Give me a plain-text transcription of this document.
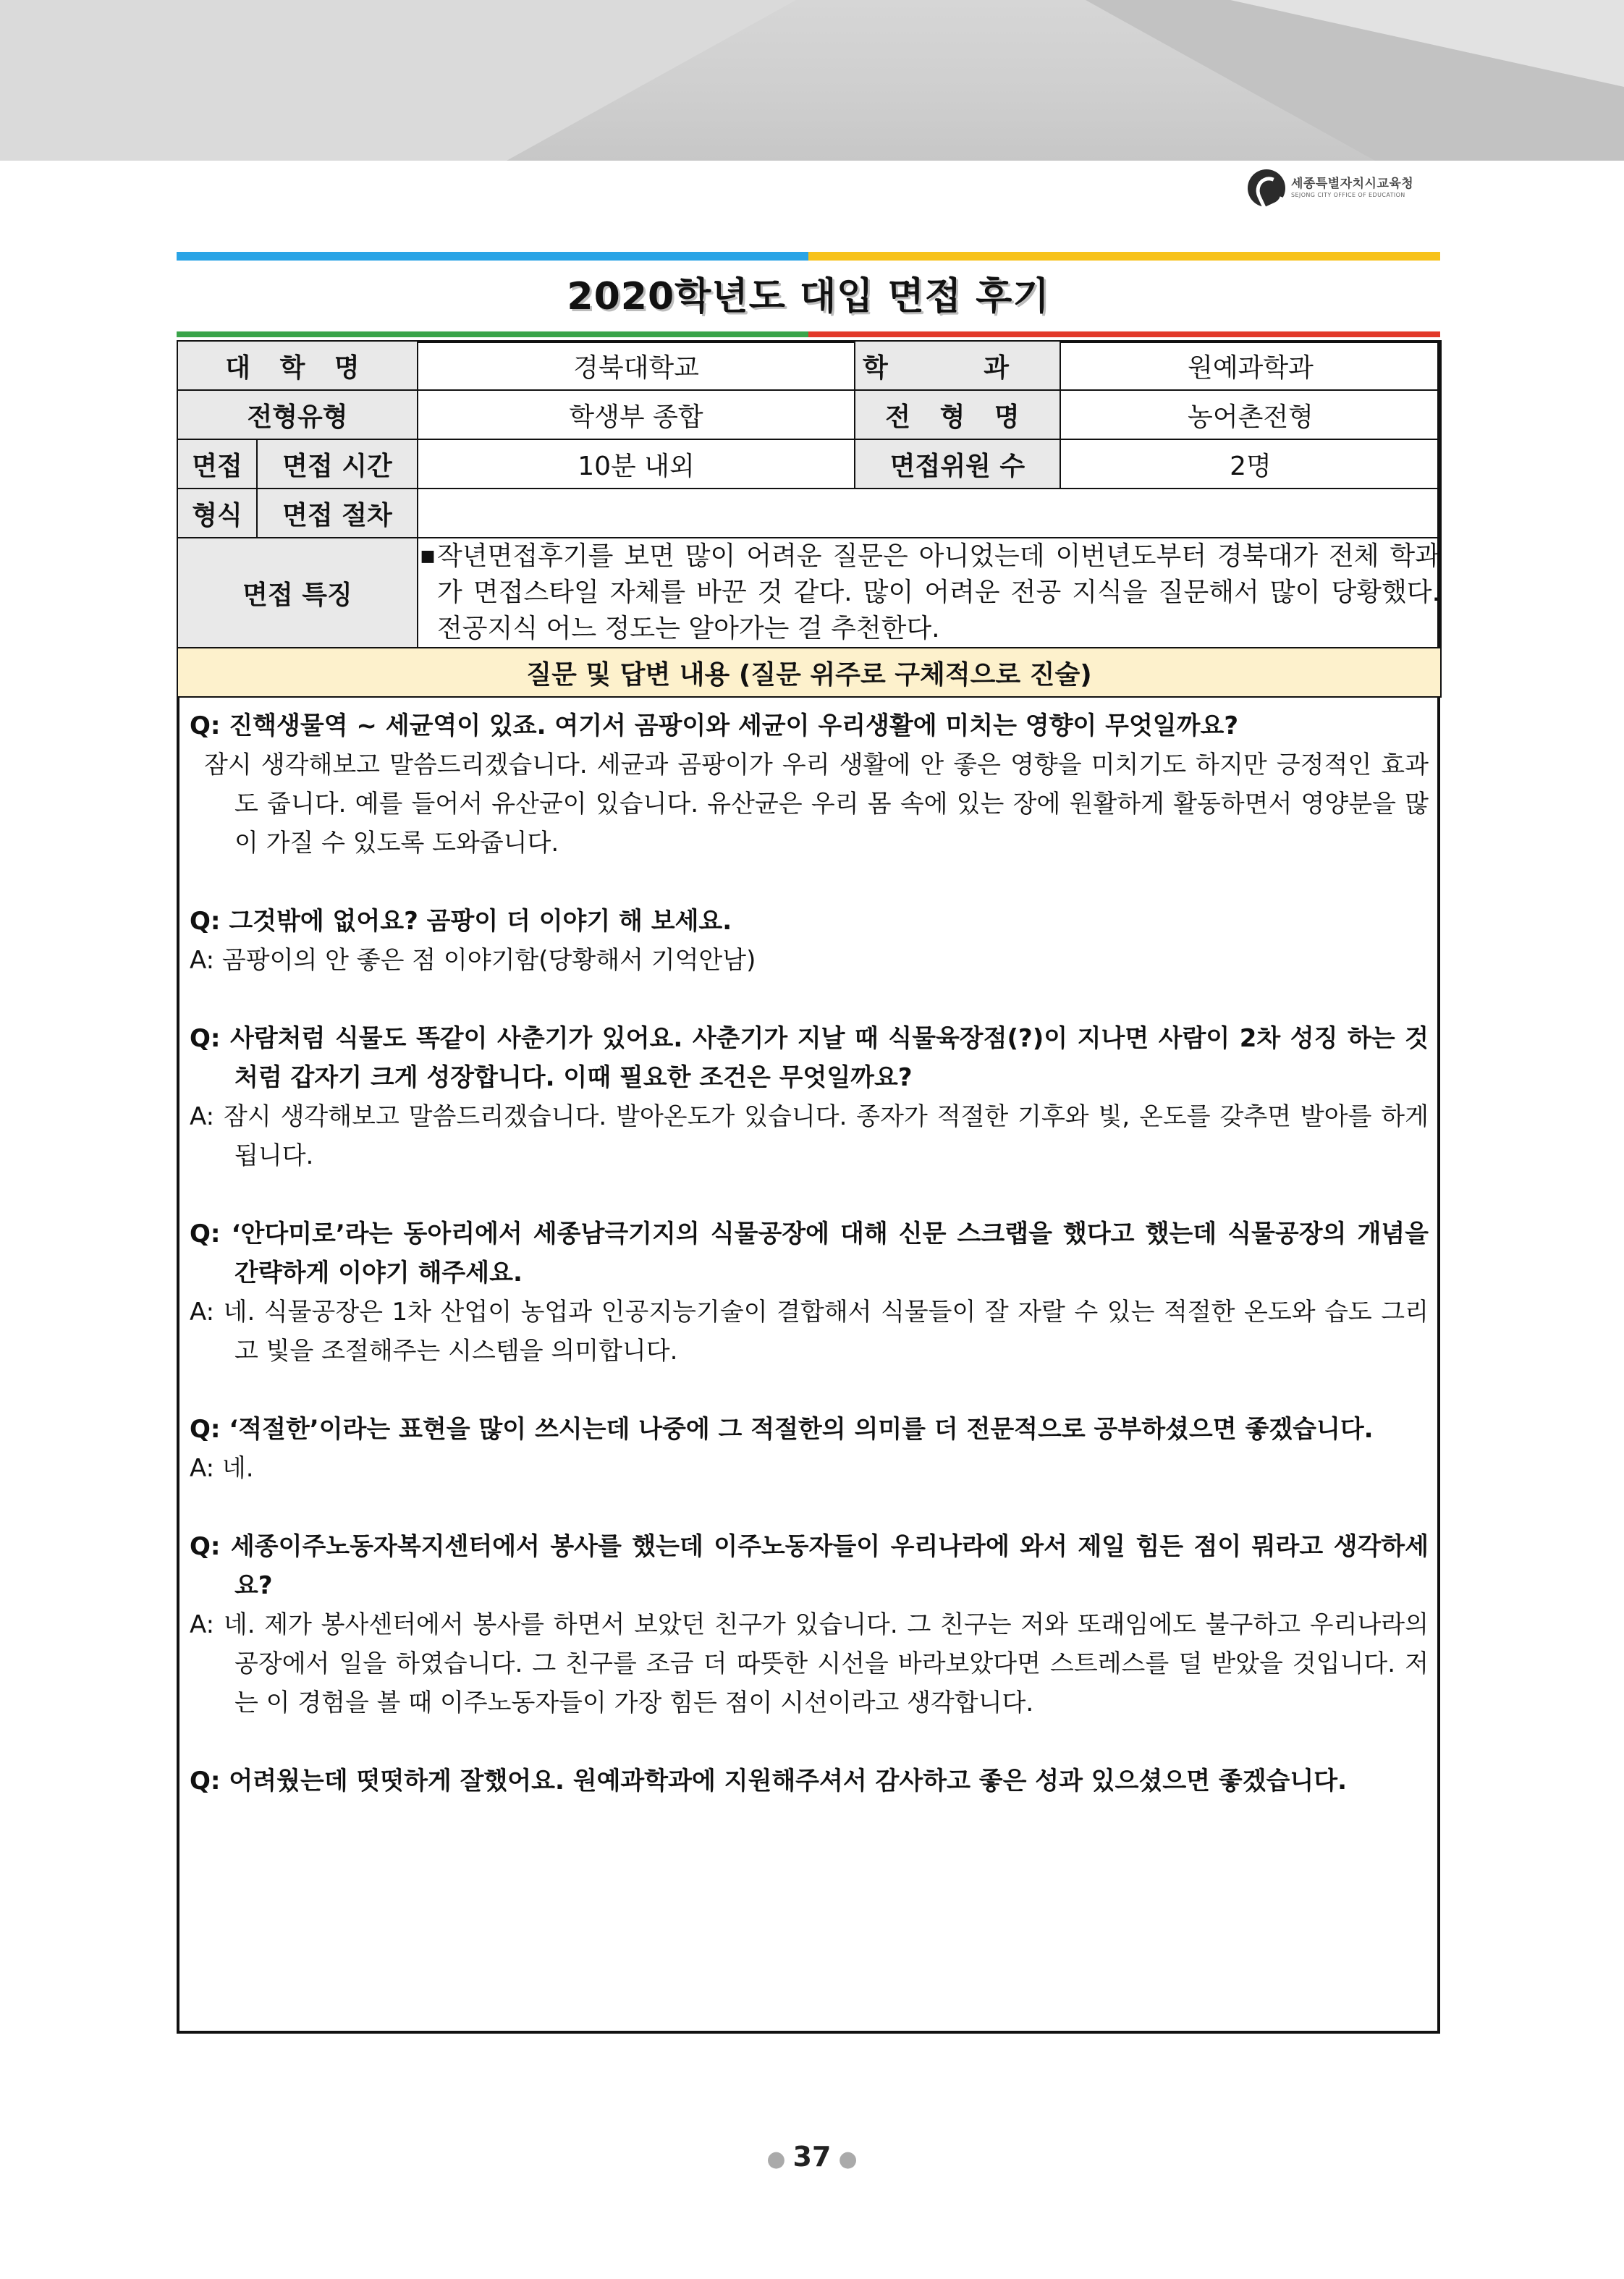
세종특별자치시교육청
SEJONG CITY OFFICE OF EDUCATION
2020학년도 대입 면접 후기
대 학 명		경북대학교	학 과	원예과학과
전형유형		학생부 종합	전 형 명	농어촌전형
면접	면접 시간	10분 내외	면접위원 수	2명
형식	면접 절차			
면접 특징		■ 작년면접후기를 보면 많이 어려운 질문은 아니었는데 이번년도부터 경북대가 전체 학과가 면접스타일 자체를 바꾼 것 같다. 많이 어려운 전공 지식을 질문해서 많이 당황했다. 전공지식 어느 정도는 알아가는 걸 추천한다.		

질문 및 답변 내용 (질문 위주로 구체적으로 진술)				

Q: 진핵생물역 ~ 세균역이 있죠. 여기서 곰팡이와 세균이 우리생활에 미치는 영향이 무엇일까요?

잠시 생각해보고 말씀드리겠습니다. 세균과 곰팡이가 우리 생활에 안 좋은 영향을 미치기도 하지만 긍정적인 효과도 줍니다. 예를 들어서 유산균이 있습니다. 유산균은 우리 몸 속에 있는 장에 원활하게 활동하면서 영양분을 많이 가질 수 있도록 도와줍니다.

Q: 그것밖에 없어요? 곰팡이 더 이야기 해 보세요.

A: 곰팡이의 안 좋은 점 이야기함(당황해서 기억안남)

Q: 사람처럼 식물도 똑같이 사춘기가 있어요. 사춘기가 지날 때 식물육장점(?)이 지나면 사람이 2차 성징 하는 것처럼 갑자기 크게 성장합니다. 이때 필요한 조건은 무엇일까요?

A: 잠시 생각해보고 말씀드리겠습니다. 발아온도가 있습니다. 종자가 적절한 기후와 빛, 온도를 갖추면 발아를 하게 됩니다.

Q: ‘안다미로’라는 동아리에서 세종남극기지의 식물공장에 대해 신문 스크랩을 했다고 했는데 식물공장의 개념을 간략하게 이야기 해주세요.

A: 네. 식물공장은 1차 산업이 농업과 인공지능기술이 결합해서 식물들이 잘 자랄 수 있는 적절한 온도와 습도 그리고 빛을 조절해주는 시스템을 의미합니다.

Q: ‘적절한’이라는 표현을 많이 쓰시는데 나중에 그 적절한의 의미를 더 전문적으로 공부하셨으면 좋겠습니다.

A: 네.

Q: 세종이주노동자복지센터에서 봉사를 했는데 이주노동자들이 우리나라에 와서 제일 힘든 점이 뭐라고 생각하세요?

A: 네. 제가 봉사센터에서 봉사를 하면서 보았던 친구가 있습니다. 그 친구는 저와 또래임에도 불구하고 우리나라의 공장에서 일을 하였습니다. 그 친구를 조금 더 따뜻한 시선을 바라보았다면 스트레스를 덜 받았을 것입니다. 저는 이 경험을 볼 때 이주노동자들이 가장 힘든 점이 시선이라고 생각합니다.

Q: 어려웠는데 떳떳하게 잘했어요. 원예과학과에 지원해주셔서 감사하고 좋은 성과 있으셨으면 좋겠습니다.

● 37 ●
